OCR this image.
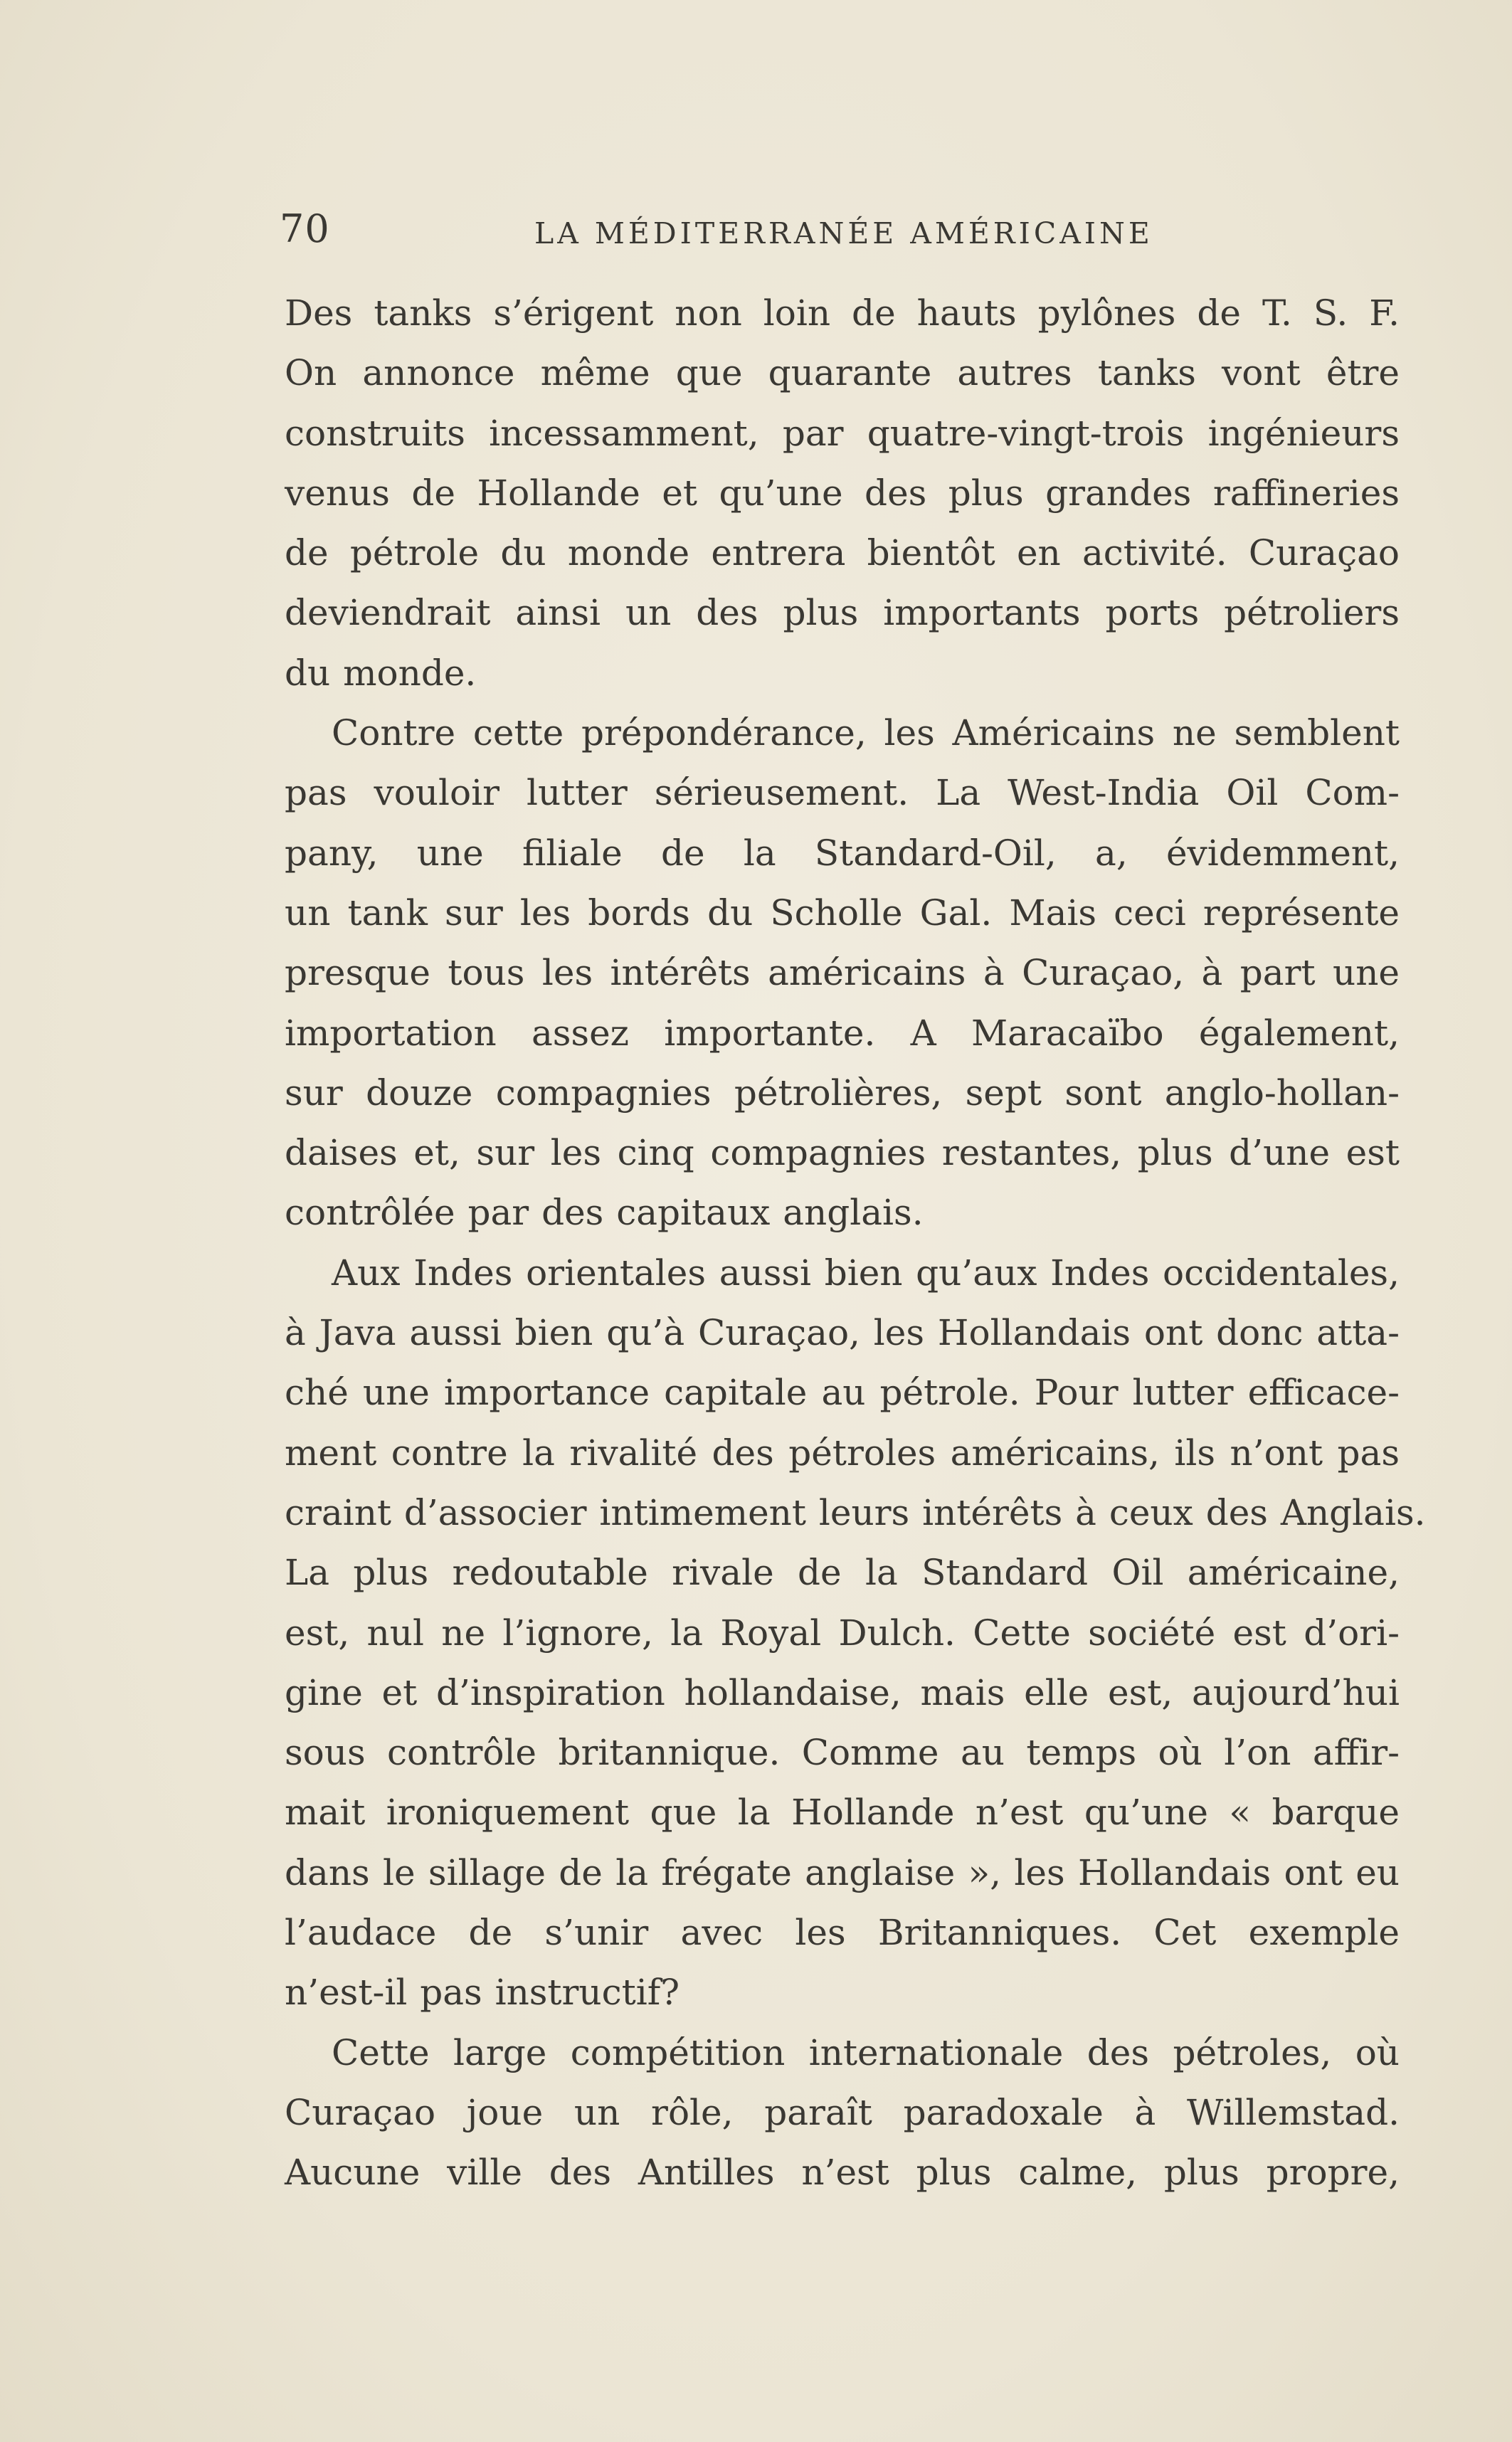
70	LA MÉDITERRANÉE AMÉRICAINE
Des tanks s’érigent non loin de hauts pylônes de T. S. F.
On annonce même que quarante autres tanks vont être
construits incessamment, par quatre-vingt-trois ingénieurs
venus de Hollande et qu’une des plus grandes raffineries
de pétrole du monde entrera bientôt en activité. Curaçao
deviendrait ainsi un des plus importants ports pétroliers
du monde.
Contre cette prépondérance, les Américains ne semblent
pas vouloir lutter sérieusement. La West-India Oil Com-
pany, une filiale de la Standard-Oil, a, évidemment,
un tank sur les bords du Scholle Gal. Mais ceci représente
presque tous les intérêts américains à Curaçao, à part une
importation assez importante. A Maracaïbo également,
sur douze compagnies pétrolières, sept sont anglo-hollan-
daises et, sur les cinq compagnies restantes, plus d’une est
contrôlée par des capitaux anglais.
Aux Indes orientales aussi bien qu’aux Indes occidentales,
à Java aussi bien qu’à Curaçao, les Hollandais ont donc atta-
ché une importance capitale au pétrole. Pour lutter efficace-
ment contre la rivalité des pétroles américains, ils n’ont pas
craint d’associer intimement leurs intérêts à ceux des Anglais.
La plus redoutable rivale de la Standard Oil américaine,
est, nul ne l’ignore, la Royal Dulch. Cette société est d’ori-
gine et d’inspiration hollandaise, mais elle est, aujourd’hui
sous contrôle britannique. Comme au temps où l’on affir-
mait ironiquement que la Hollande n’est qu’une « barque
dans le sillage de la frégate anglaise », les Hollandais ont eu
l’audace de s’unir avec les Britanniques. Cet exemple
n’est-il pas instructif?
Cette large compétition internationale des pétroles, où
Curaçao joue un rôle, paraît paradoxale à Willemstad.
Aucune ville des Antilles n’est plus calme, plus propre,
